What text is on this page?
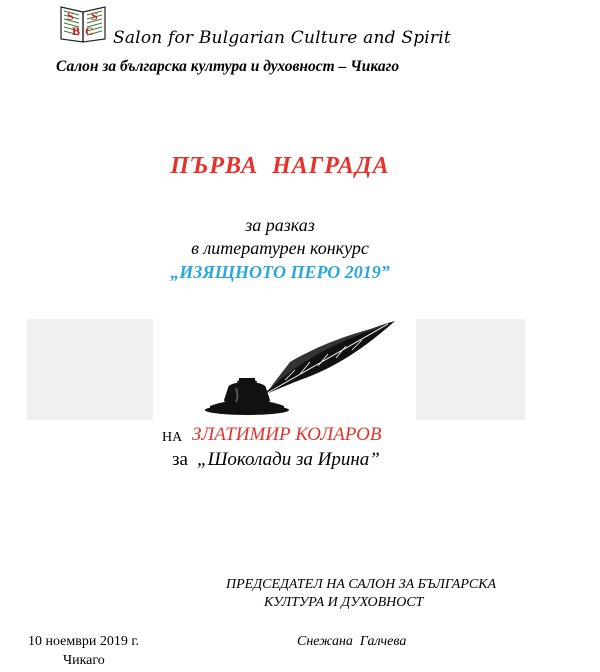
S
B C
S
Salon for Bulgarian Culture and Spirit
Салон за българска култура и духовност – Чикаго
ПЪРВА  НАГРАДА
за разказ
в литературен конкурс
„ИЗЯЩНОТО ПЕРО 2019”
НА ЗЛАТИМИР КОЛАРОВ
за „Шоколади за Ирина”
ПРЕДСЕДАТЕЛ НА САЛОН ЗА БЪЛГАРСКА
КУЛТУРА И ДУХОВНОСТ
10 ноември 2019 г.
Чикаго
Снежана  Галчева
